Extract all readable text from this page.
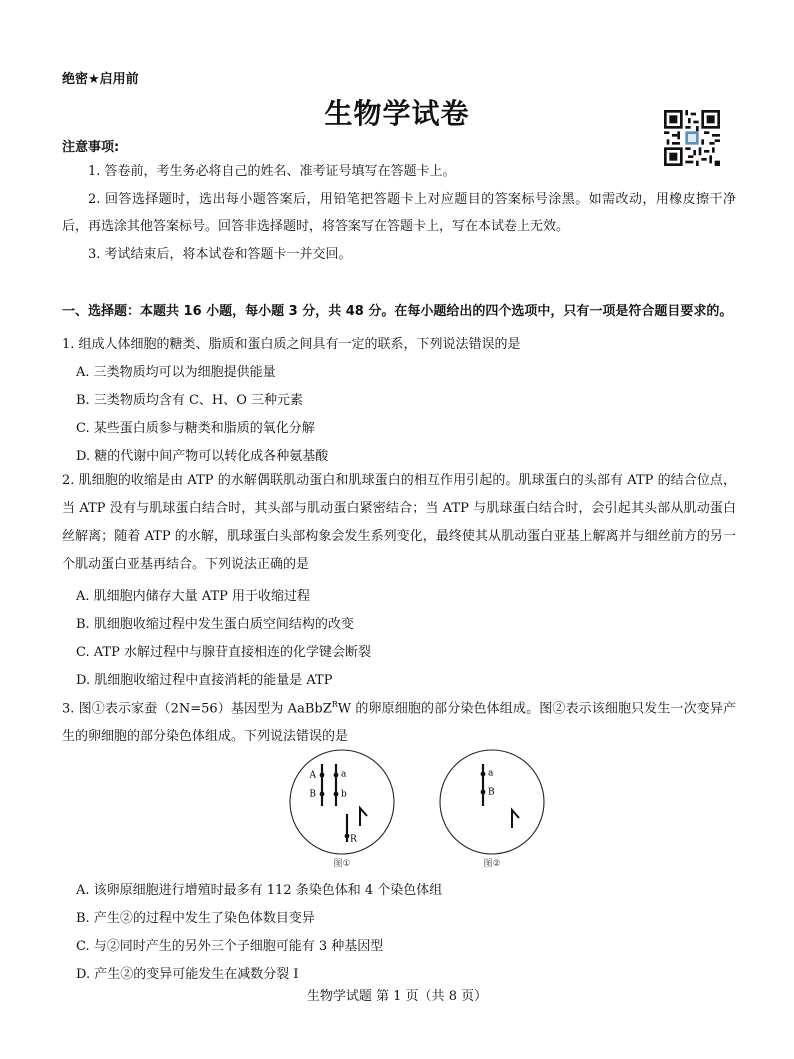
绝密★启用前
生物学试卷
注意事项:
1. 答卷前，考生务必将自己的姓名、准考证号填写在答题卡上。
2. 回答选择题时，选出每小题答案后，用铅笔把答题卡上对应题目的答案标号涂黑。如需改动，用橡皮擦干净后，再选涂其他答案标号。回答非选择题时，将答案写在答题卡上，写在本试卷上无效。
3. 考试结束后，将本试卷和答题卡一并交回。
一、选择题：本题共 16 小题，每小题 3 分，共 48 分。在每小题给出的四个选项中，只有一项是符合题目要求的。
1. 组成人体细胞的糖类、脂质和蛋白质之间具有一定的联系，下列说法错误的是
A. 三类物质均可以为细胞提供能量
B. 三类物质均含有 C、H、O 三种元素
C. 某些蛋白质参与糖类和脂质的氧化分解
D. 糖的代谢中间产物可以转化成各种氨基酸
2. 肌细胞的收缩是由 ATP 的水解偶联肌动蛋白和肌球蛋白的相互作用引起的。肌球蛋白的头部有 ATP 的结合位点，当 ATP 没有与肌球蛋白结合时，其头部与肌动蛋白紧密结合；当 ATP 与肌球蛋白结合时，会引起其头部从肌动蛋白丝解离；随着 ATP 的水解，肌球蛋白头部构象会发生系列变化，最终使其从肌动蛋白亚基上解离并与细丝前方的另一个肌动蛋白亚基再结合。下列说法正确的是
A. 肌细胞内储存大量 ATP 用于收缩过程
B. 肌细胞收缩过程中发生蛋白质空间结构的改变
C. ATP 水解过程中与腺苷直接相连的化学键会断裂
D. 肌细胞收缩过程中直接消耗的能量是 ATP
3. 图①表示家蚕（2N=56）基因型为 AaBbZ$^R$W 的卵原细胞的部分染色体组成。图②表示该细胞只发生一次变异产生的卵细胞的部分染色体组成。下列说法错误的是
A	a
B	b
R
图①
a
B
图②
A. 该卵原细胞进行增殖时最多有 112 条染色体和 4 个染色体组
B. 产生②的过程中发生了染色体数目变异
C. 与②同时产生的另外三个子细胞可能有 3 种基因型
D. 产生②的变异可能发生在减数分裂 I
生物学试题 第 1 页（共 8 页）
